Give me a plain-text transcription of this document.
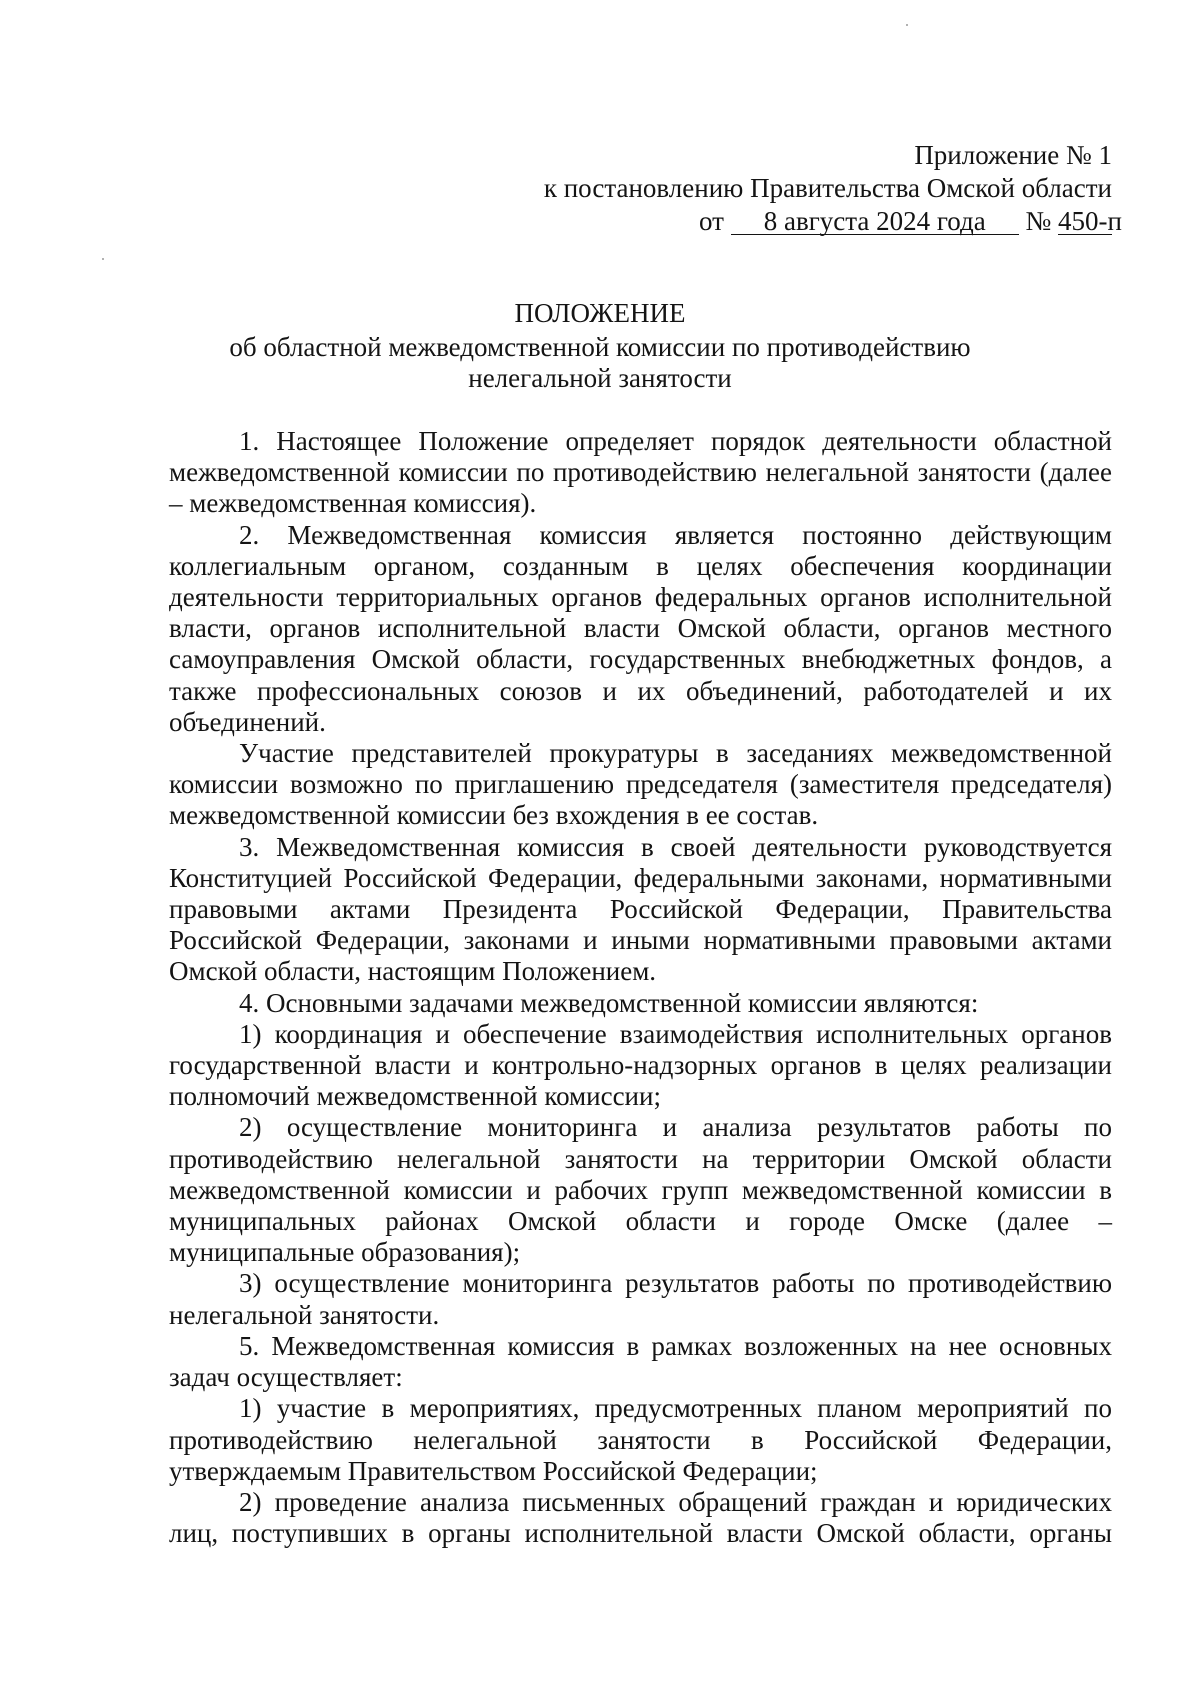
Приложение № 1
к постановлению Правительства Омской области
от 8 августа 2024 года № 450-п
ПОЛОЖЕНИЕ
об областной межведомственной комиссии по противодействию
нелегальной занятости

1. Настоящее Положение определяет порядок деятельности областной межведомственной комиссии по противодействию нелегальной занятости (далее – межведомственная комиссия).

2. Межведомственная комиссия является постоянно действующим коллегиальным органом, созданным в целях обеспечения координации деятельности территориальных органов федеральных органов исполнительной власти, органов исполнительной власти Омской области, органов местного самоуправления Омской области, государственных внебюджетных фондов, а также профессиональных союзов и их объединений, работодателей и их объединений.

Участие представителей прокуратуры в заседаниях межведомственной комиссии возможно по приглашению председателя (заместителя председателя) межведомственной комиссии без вхождения в ее состав.

3. Межведомственная комиссия в своей деятельности руководствуется Конституцией Российской Федерации, федеральными законами, нормативными правовыми актами Президента Российской Федерации, Правительства Российской Федерации, законами и иными нормативными правовыми актами Омской области, настоящим Положением.

4. Основными задачами межведомственной комиссии являются:

1) координация и обеспечение взаимодействия исполнительных органов государственной власти и контрольно-надзорных органов в целях реализации полномочий межведомственной комиссии;

2) осуществление мониторинга и анализа результатов работы по противодействию нелегальной занятости на территории Омской области межведомственной комиссии и рабочих групп межведомственной комиссии в муниципальных районах Омской области и городе Омске (далее – муниципальные образования);

3) осуществление мониторинга результатов работы по противодействию нелегальной занятости.

5. Межведомственная комиссия в рамках возложенных на нее основных задач осуществляет:

1) участие в мероприятиях, предусмотренных планом мероприятий по противодействию нелегальной занятости в Российской Федерации, утверждаемым Правительством Российской Федерации;

2) проведение анализа письменных обращений граждан и юридических лиц, поступивших в органы исполнительной власти Омской области, органы
